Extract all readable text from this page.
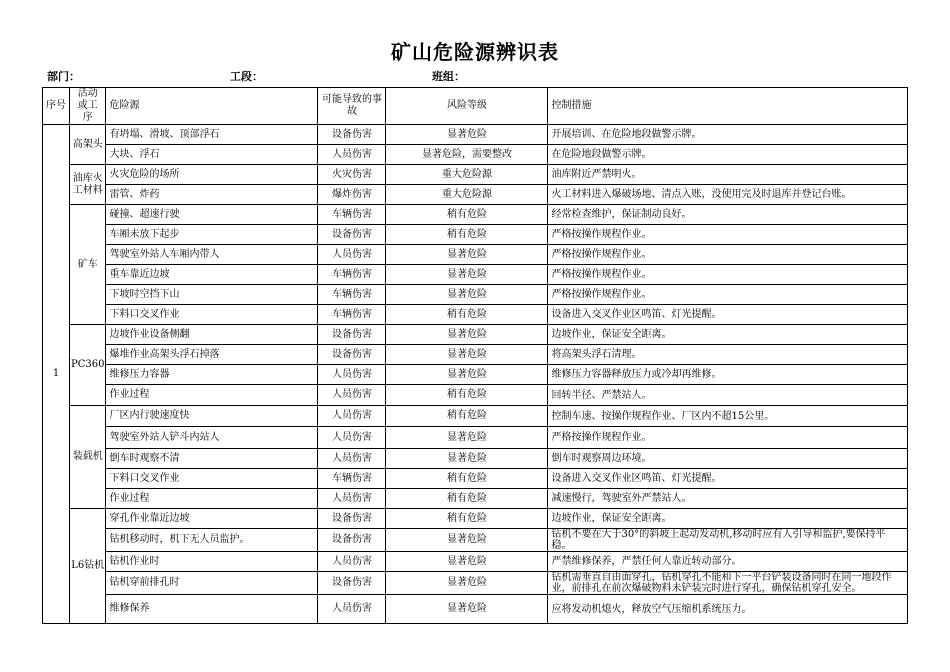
矿山危险源辨识表
部门：	工段：	班组：
序号	活动或工序	危险源	可能导致的事故	风险等级	控制措施
1	高架头	有坍塌、滑坡、顶部浮石	设备伤害	显著危险	开展培训、在危险地段做警示牌。
		大块、浮石	人员伤害	显著危险，需要整改	在危险地段做警示牌。
	油库火工材料	火灾危险的场所	火灾伤害	重大危险源	油库附近严禁明火。
		雷管、炸药	爆炸伤害	重大危险源	火工材料进入爆破场地、清点入账，没使用完及时退库并登记台账。
	矿车	碰撞、超速行驶	车辆伤害	稍有危险	经常检查维护，保证制动良好。
		车厢未放下起步	设备伤害	稍有危险	严格按操作规程作业。
		驾驶室外站人车厢内带人	人员伤害	显著危险	严格按操作规程作业。
		重车靠近边坡	车辆伤害	显著危险	严格按操作规程作业。
		下坡时空挡下山	车辆伤害	显著危险	严格按操作规程作业。
		下料口交叉作业	车辆伤害	稍有危险	设备进入交叉作业区鸣笛、灯光提醒。
	PC360	边坡作业设备侧翻	设备伤害	显著危险	边坡作业，保证安全距离。
		爆堆作业高架头浮石掉落	设备伤害	显著危险	将高架头浮石清理。
		维修压力容器	人员伤害	显著危险	维修压力容器释放压力或冷却再维修。
		作业过程	人员伤害	稍有危险	回转半径、严禁站人。
	装载机	厂区内行驶速度快	人员伤害	稍有危险	控制车速、按操作规程作业、厂区内不超15公里。
		驾驶室外站人铲斗内站人	人员伤害	显著危险	严格按操作规程作业。
		倒车时观察不清	人员伤害	显著危险	倒车时观察周边环境。
		下料口交叉作业	车辆伤害	稍有危险	设备进入交叉作业区鸣笛、灯光提醒。
		作业过程	人员伤害	稍有危险	减速慢行，驾驶室外严禁站人。
	L6钻机	穿孔作业靠近边坡	设备伤害	稍有危险	边坡作业，保证安全距离。
		钻机移动时，机下无人员监护。	设备伤害	显著危险	钻机不要在大于30°的斜坡上起动发动机,移动时应有人引导和监护,要保持平稳。
		钻机作业时	人员伤害	显著危险	严禁维修保养，严禁任何人靠近转动部分。
		钻机穿前排孔时	设备伤害	显著危险	钻机需垂直自由面穿孔，钻机穿孔不能和下一平台铲装设备同时在同一地段作业，前排孔在前次爆破物料未铲装完时进行穿孔，确保钻机穿孔安全。
		维修保养	人员伤害	显著危险	应将发动机熄火，释放空气压缩机系统压力。
